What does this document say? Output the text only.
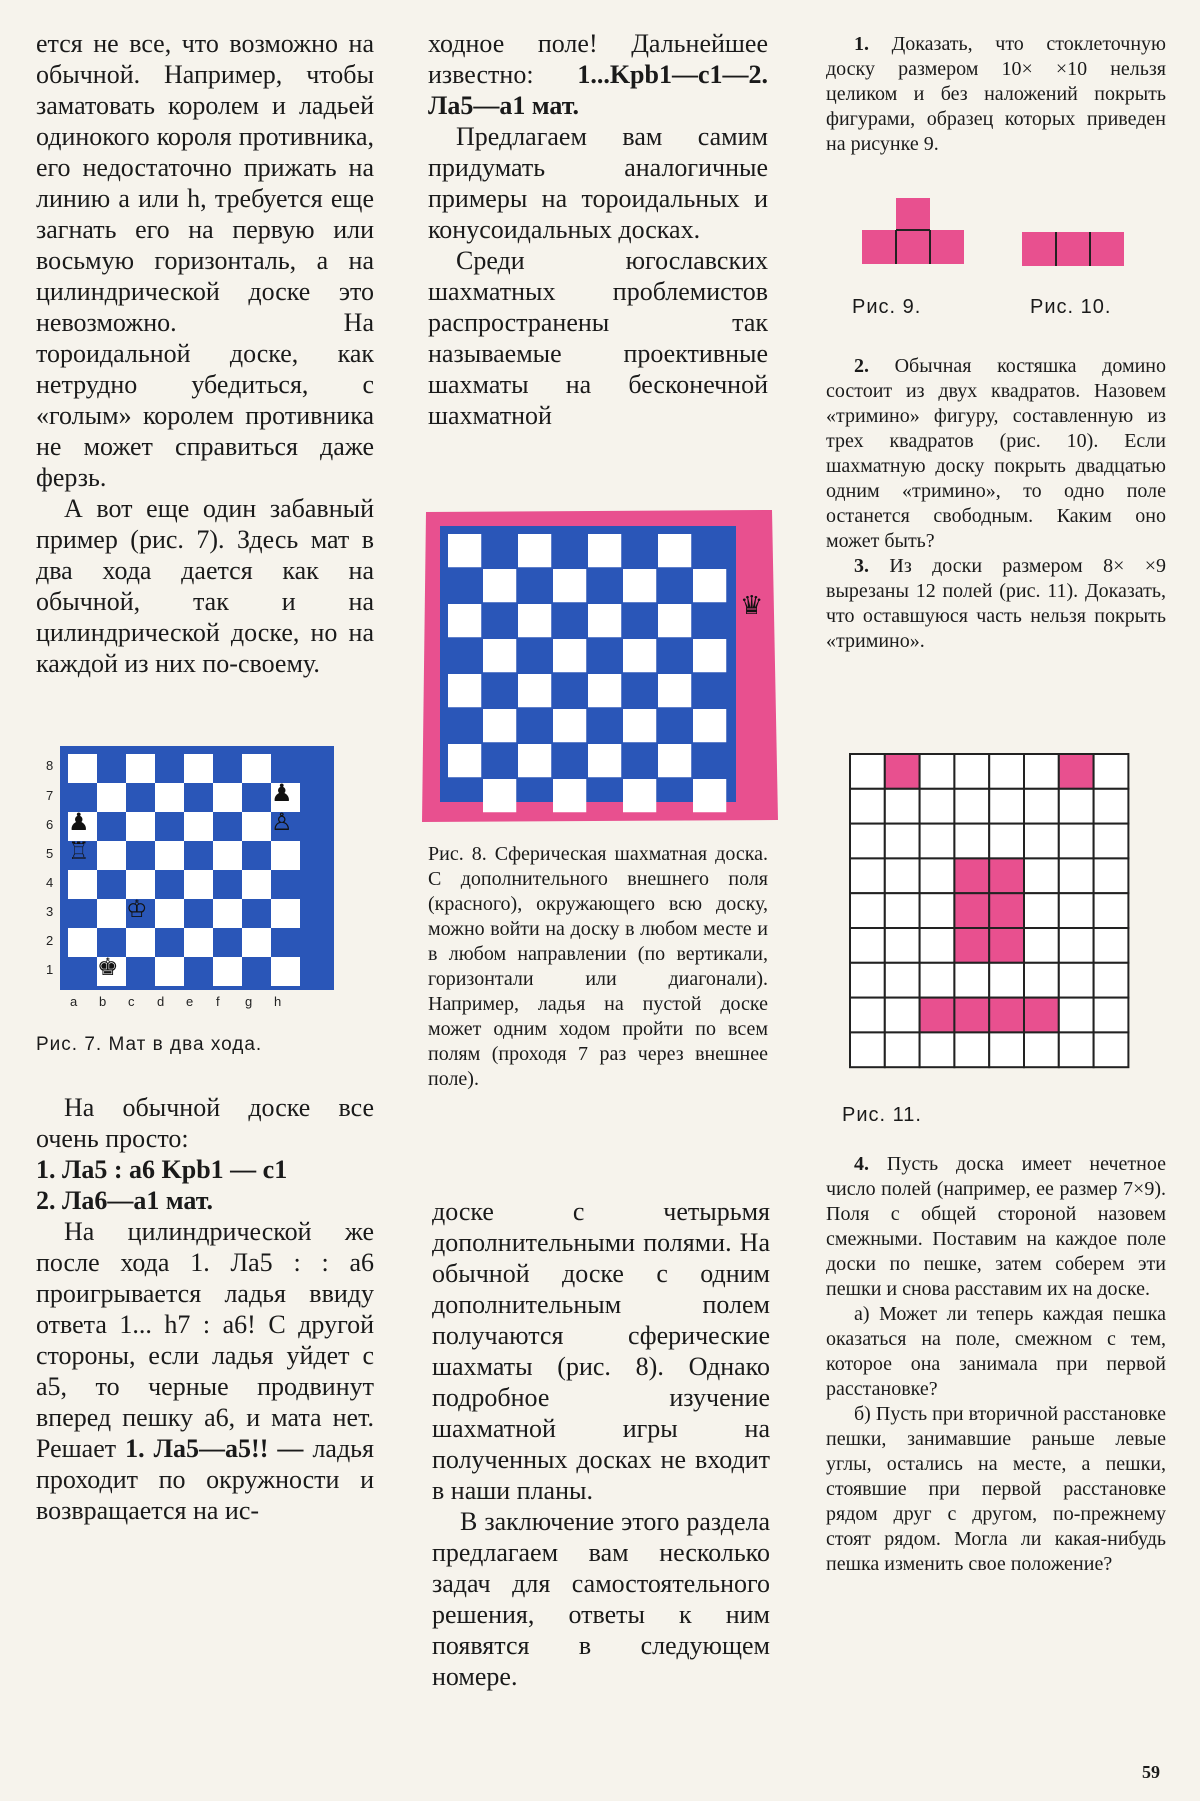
ется не все, что возможно на обычной. Например, чтобы заматовать королем и ладьей одинокого короля противника, его недостаточно прижать на линию а или h, требуется еще загнать его на первую или восьмую горизонталь, а на цилиндрической доске это невозможно. На тороидальной доске, как нетрудно убедиться, с «голым» королем противника не может справиться даже ферзь.

А вот еще один забавный пример (рис. 7). Здесь мат в два хода дается как на обычной, так и на цилиндрической доске, но на каждой из них по-своему.

8
7
6
5
4
3
2
1
a b c d e f g h
♟
♖
♔
♚
♟
♙
Рис. 7. Мат в два хода.

На обычной доске все очень просто:

1. Ла5 : а6 Kpb1 — c1

2. Ла6—а1 мат.

На цилиндрической же после хода 1. Ла5 : : а6 проигрывается ладья ввиду ответа 1... h7 : а6! С другой стороны, если ладья уйдет с а5, то черные продвинут вперед пешку а6, и мата нет. Решает 1. Ла5—а5!! — ладья проходит по окружности и возвращается на ис-

ходное поле! Дальнейшее известно: 1...Kpb1—c1—2. Ла5—а1 мат.

Предлагаем вам самим придумать аналогичные примеры на тороидальных и конусоидальных досках.

Среди югославских шахматных проблемистов распространены так называемые проективные шахматы на бесконечной шахматной

♛
Рис. 8. Сферическая шахматная доска. С дополнительного внешнего поля (красного), окружающего всю доску, можно войти на доску в любом месте и в любом направлении (по вертикали, горизонтали или диагонали). Например, ладья на пустой доске может одним ходом пройти по всем полям (проходя 7 раз через внешнее поле).

доске с четырьмя дополнительными полями. На обычной доске с одним дополнительным полем получаются сферические шахматы (рис. 8). Однако подробное изучение шахматной игры на полученных досках не входит в наши планы.

В заключение этого раздела предлагаем вам несколько задач для самостоятельного решения, ответы к ним появятся в следующем номере.

1. Доказать, что стоклеточную доску размером 10× ×10 нельзя целиком и без наложений покрыть фигурами, образец которых приведен на рисунке 9.

Рис. 9.	Рис. 10.

2. Обычная костяшка домино состоит из двух квадратов. Назовем «тримино» фигуру, составленную из трех квадратов (рис. 10). Если шахматную доску покрыть двадцатью одним «тримино», то одно поле останется свободным. Каким оно может быть?

3. Из доски размером 8× ×9 вырезаны 12 полей (рис. 11). Доказать, что оставшуюся часть нельзя покрыть «тримино».

Рис. 11.

4. Пусть доска имеет нечетное число полей (например, ее размер 7×9). Поля с общей стороной назовем смежными. Поставим на каждое поле доски по пешке, затем соберем эти пешки и снова расставим их на доске.

а) Может ли теперь каждая пешка оказаться на поле, смежном с тем, которое она занимала при первой расстановке?

б) Пусть при вторичной расстановке пешки, занимавшие раньше левые углы, остались на месте, а пешки, стоявшие при первой расстановке рядом друг с другом, по-прежнему стоят рядом. Могла ли какая-нибудь пешка изменить свое положение?

59
